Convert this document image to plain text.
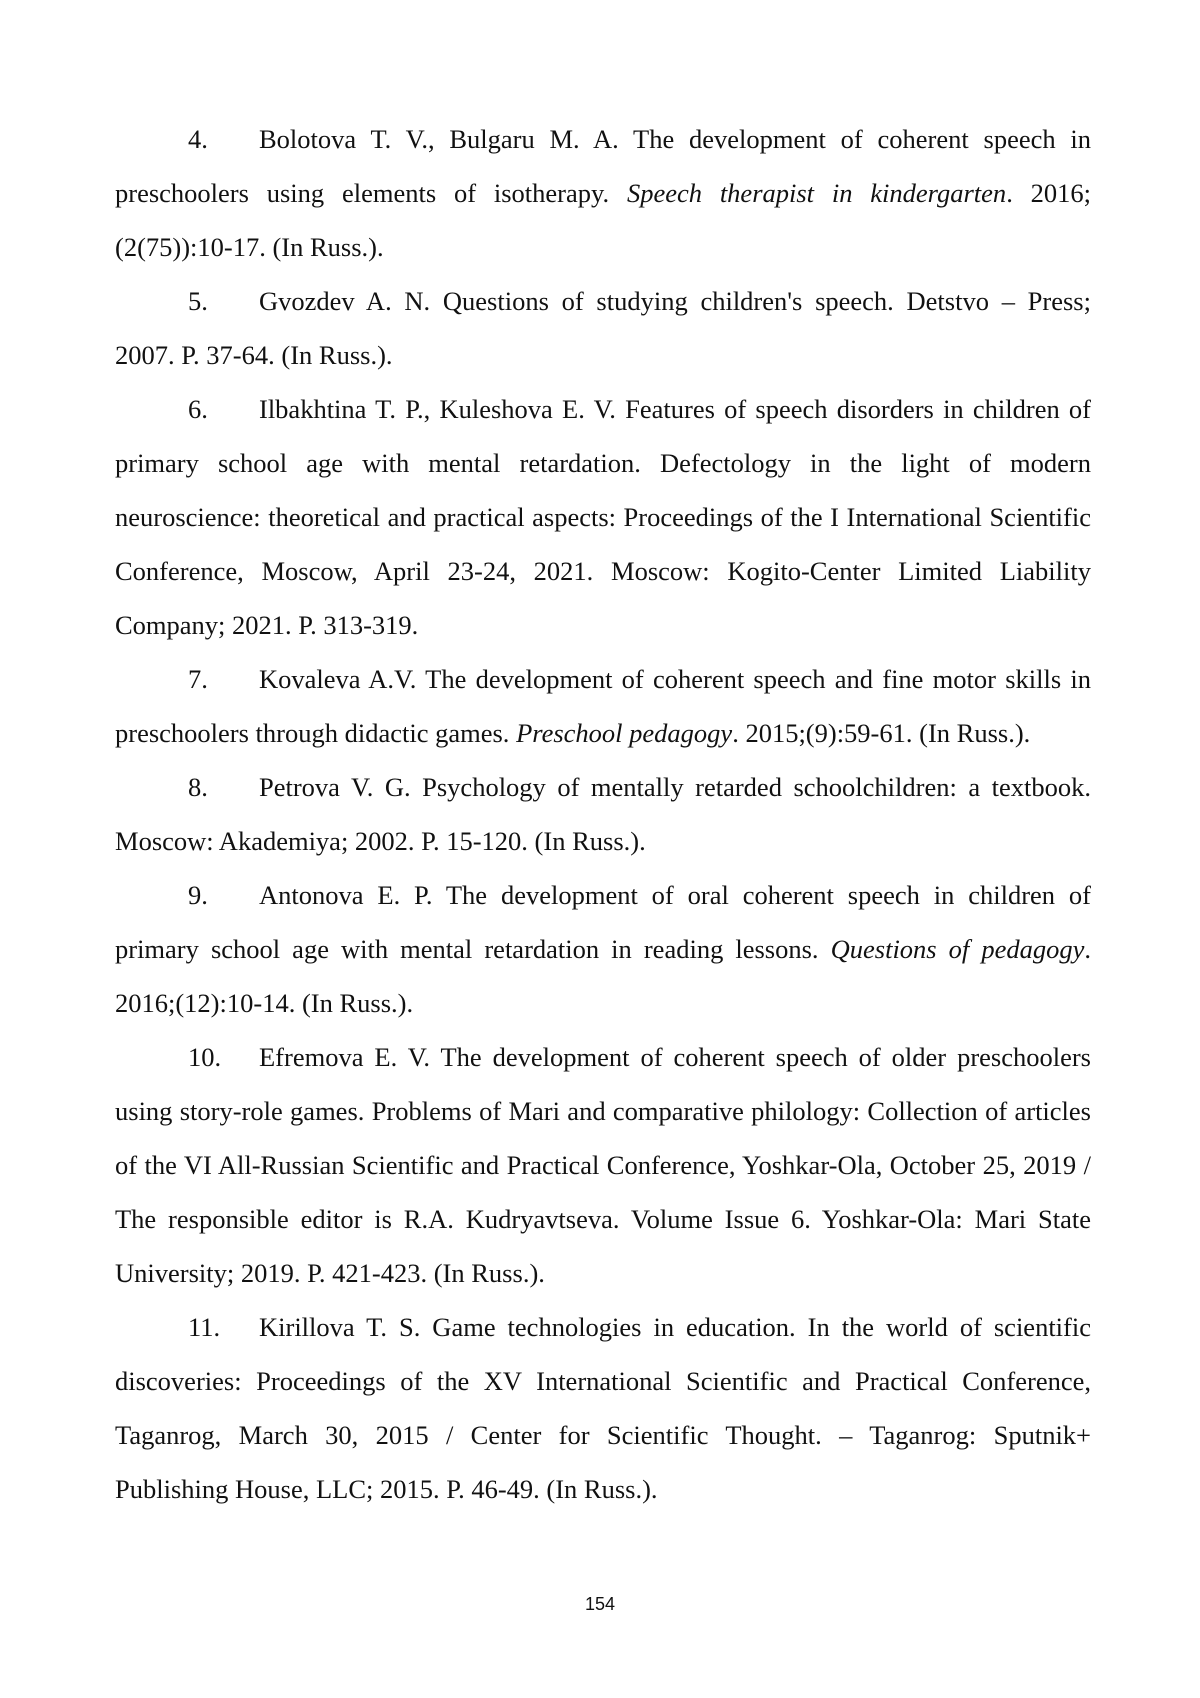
4. Bolotova T. V., Bulgaru M. A. The development of coherent speech in preschoolers using elements of isotherapy. Speech therapist in kindergarten. 2016;(2(75)):10-17. (In Russ.).

5. Gvozdev A. N. Questions of studying children's speech. Detstvo – Press; 2007. P. 37-64. (In Russ.).

6. Ilbakhtina T. P., Kuleshova E. V. Features of speech disorders in children of primary school age with mental retardation. Defectology in the light of modern neuroscience: theoretical and practical aspects: Proceedings of the I International Scientific Conference, Moscow, April 23-24, 2021. Moscow: Kogito-Center Limited Liability Company; 2021. P. 313-319.

7. Kovaleva A.V. The development of coherent speech and fine motor skills in preschoolers through didactic games. Preschool pedagogy. 2015;(9):59-61. (In Russ.).

8. Petrova V. G. Psychology of mentally retarded schoolchildren: a textbook. Moscow: Akademiya; 2002. P. 15-120. (In Russ.).

9. Antonova E. P. The development of oral coherent speech in children of primary school age with mental retardation in reading lessons. Questions of pedagogy. 2016;(12):10-14. (In Russ.).

10. Efremova E. V. The development of coherent speech of older preschoolers using story-role games. Problems of Mari and comparative philology: Collection of articles of the VI All-Russian Scientific and Practical Conference, Yoshkar-Ola, October 25, 2019 / The responsible editor is R.A. Kudryavtseva. Volume Issue 6. Yoshkar-Ola: Mari State University; 2019. P. 421-423. (In Russ.).

11. Kirillova T. S. Game technologies in education. In the world of scientific discoveries: Proceedings of the XV International Scientific and Practical Conference, Taganrog, March 30, 2015 / Center for Scientific Thought. – Taganrog: Sputnik+ Publishing House, LLC; 2015. P. 46-49. (In Russ.).

154
